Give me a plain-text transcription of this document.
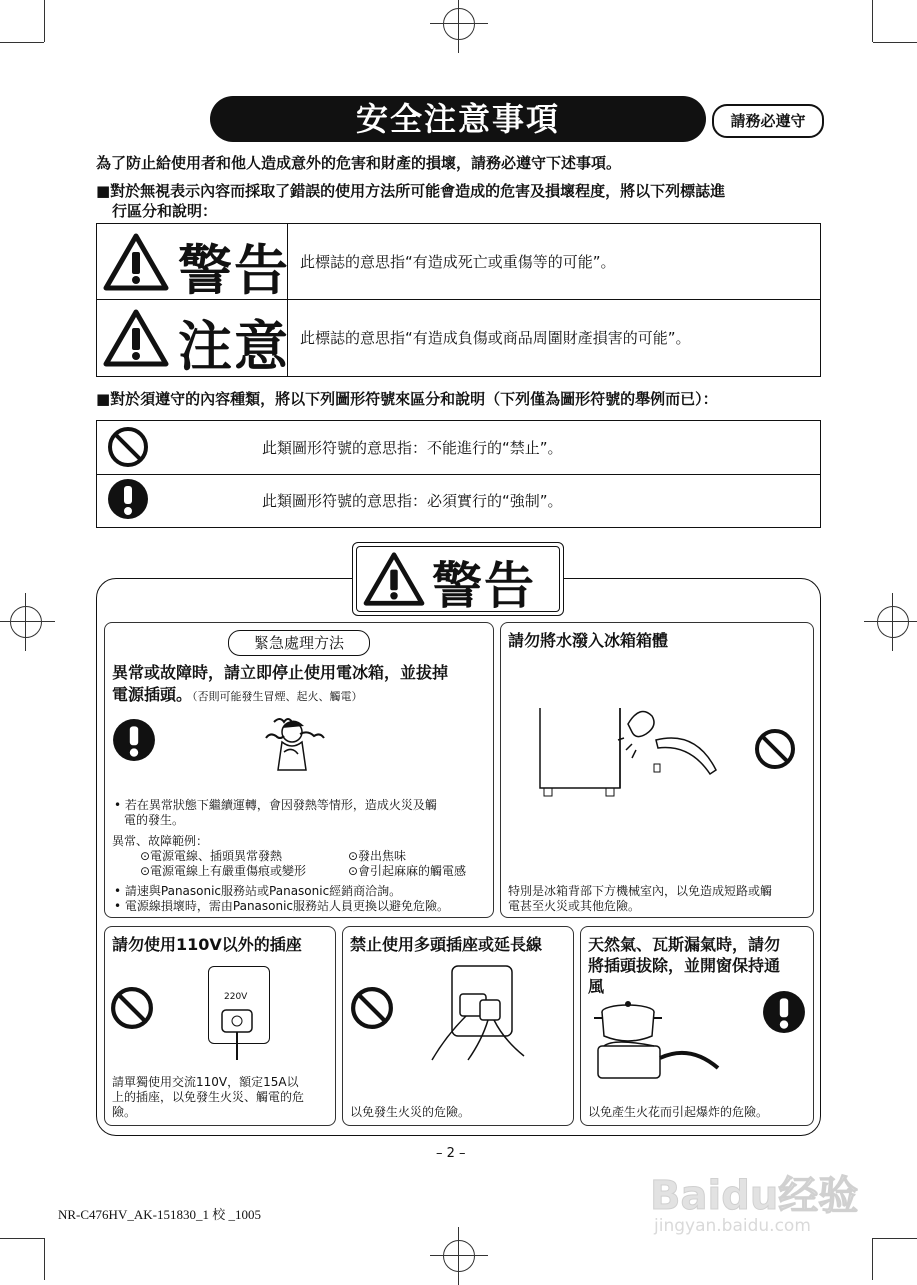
安全注意事項	請務必遵守
為了防止給使用者和他人造成意外的危害和財產的損壞，請務必遵守下述事項。
■對於無視表示內容而採取了錯誤的使用方法所可能會造成的危害及損壞程度，將以下列標誌進
行區分和說明：
警告 此標誌的意思指“有造成死亡或重傷等的可能”。
注意 此標誌的意思指“有造成負傷或商品周圍財產損害的可能”。
■對於須遵守的內容種類，將以下列圖形符號來區分和說明（下列僅為圖形符號的舉例而已）：
此類圖形符號的意思指：不能進行的“禁止”。
此類圖形符號的意思指：必須實行的“強制”。
警告
緊急處理方法
異常或故障時，請立即停止使用電冰箱，並拔掉
電源插頭。（否則可能發生冒煙、起火、觸電）
• 若在異常狀態下繼續運轉，會因發熱等情形，造成火災及觸
電的發生。
異常、故障範例：
⊙電源電線、插頭異常發熱	⊙發出焦味
⊙電源電線上有嚴重傷痕或變形	⊙會引起麻麻的觸電感
• 請速與Panasonic服務站或Panasonic經銷商洽詢。
• 電源線損壞時，需由Panasonic服務站人員更換以避免危險。
請勿將水潑入冰箱箱體
特別是冰箱背部下方機械室內，以免造成短路或觸
電甚至火災或其他危險。
請勿使用110V以外的插座
220V
請單獨使用交流110V，額定15A以
上的插座，以免發生火災、觸電的危
險。
禁止使用多頭插座或延長線
以免發生火災的危險。
天然氣、瓦斯漏氣時，請勿
將插頭拔除，並開窗保持通
風
以免產生火花而引起爆炸的危險。
– 2 –
NR-C476HV_AK-151830_1 校 _1005	Baidu经验
jingyan.baidu.com
